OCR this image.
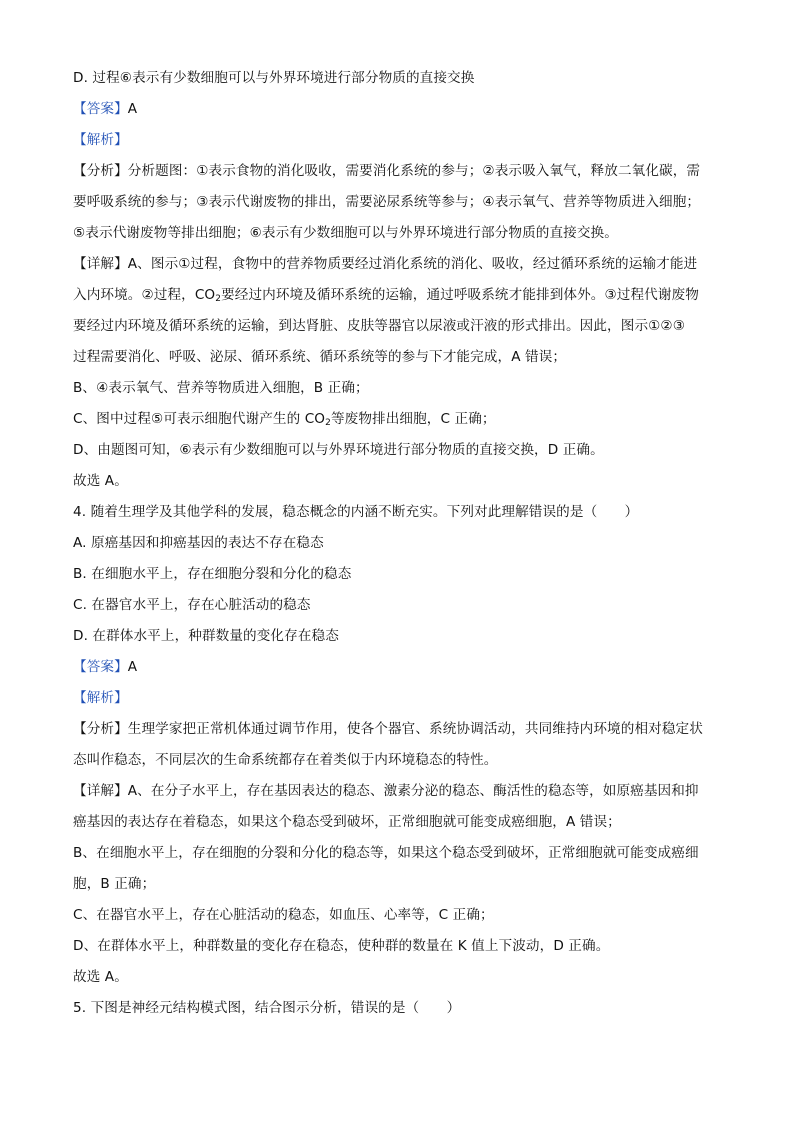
D. 过程⑥表示有少数细胞可以与外界环境进行部分物质的直接交换
【答案】A
【解析】
【分析】分析题图：①表示食物的消化吸收，需要消化系统的参与；②表示吸入氧气，释放二氧化碳，需
要呼吸系统的参与；③表示代谢废物的排出，需要泌尿系统等参与；④表示氧气、营养等物质进入细胞；
⑤表示代谢废物等排出细胞；⑥表示有少数细胞可以与外界环境进行部分物质的直接交换。
【详解】A、图示①过程，食物中的营养物质要经过消化系统的消化、吸收，经过循环系统的运输才能进
入内环境。②过程，$CO_2$要经过内环境及循环系统的运输，通过呼吸系统才能排到体外。③过程代谢废物
要经过内环境及循环系统的运输，到达肾脏、皮肤等器官以尿液或汗液的形式排出。因此，图示①②③
过程需要消化、呼吸、泌尿、循环系统、循环系统等的参与下才能完成，A 错误；
B、④表示氧气、营养等物质进入细胞，B 正确；
C、图中过程⑤可表示细胞代谢产生的 $CO_2$等废物排出细胞，C 正确；
D、由题图可知，⑥表示有少数细胞可以与外界环境进行部分物质的直接交换，D 正确。
故选 A。
4. 随着生理学及其他学科的发展，稳态概念的内涵不断充实。下列对此理解错误的是（　　）
A. 原癌基因和抑癌基因的表达不存在稳态
B. 在细胞水平上，存在细胞分裂和分化的稳态
C. 在器官水平上，存在心脏活动的稳态
D. 在群体水平上，种群数量的变化存在稳态
【答案】A
【解析】
【分析】生理学家把正常机体通过调节作用，使各个器官、系统协调活动，共同维持内环境的相对稳定状
态叫作稳态，不同层次的生命系统都存在着类似于内环境稳态的特性。
【详解】A、在分子水平上，存在基因表达的稳态、激素分泌的稳态、酶活性的稳态等，如原癌基因和抑
癌基因的表达存在着稳态，如果这个稳态受到破坏，正常细胞就可能变成癌细胞，A 错误；
B、在细胞水平上，存在细胞的分裂和分化的稳态等，如果这个稳态受到破坏，正常细胞就可能变成癌细
胞，B 正确；
C、在器官水平上，存在心脏活动的稳态，如血压、心率等，C 正确；
D、在群体水平上，种群数量的变化存在稳态，使种群的数量在 K 值上下波动，D 正确。
故选 A。
5. 下图是神经元结构模式图，结合图示分析，错误的是（　　）
